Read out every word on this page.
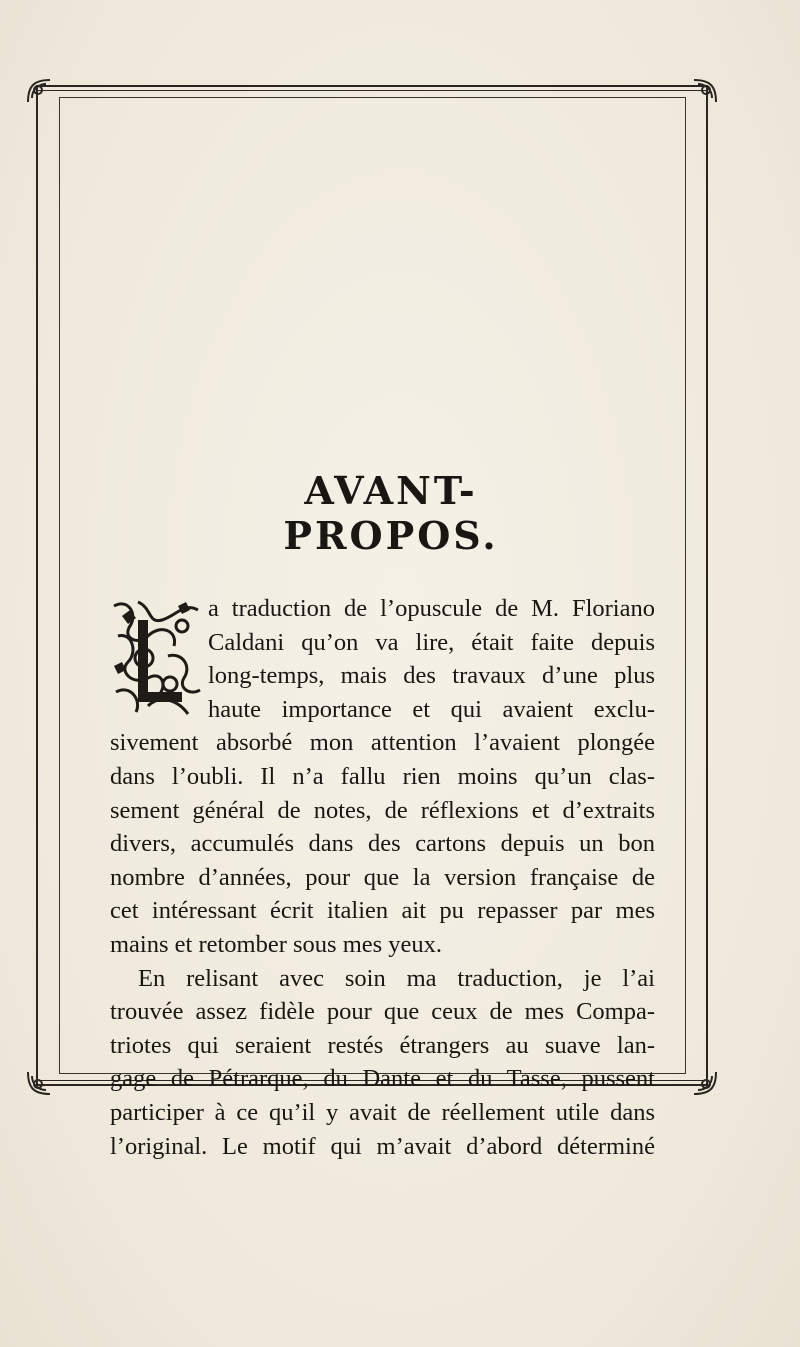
AVANT-PROPOS.
a traduction de l’opuscule de M. Floriano
Caldani qu’on va lire, était faite depuis
long-temps, mais des travaux d’une plus
haute importance et qui avaient exclu-
sivement absorbé mon attention l’avaient plongée
dans l’oubli. Il n’a fallu rien moins qu’un clas-
sement général de notes, de réflexions et d’extraits
divers, accumulés dans des cartons depuis un bon
nombre d’années, pour que la version française de
cet intéressant écrit italien ait pu repasser par mes
mains et retomber sous mes yeux.
En relisant avec soin ma traduction, je l’ai
trouvée assez fidèle pour que ceux de mes Compa-
triotes qui seraient restés étrangers au suave lan-
gage de Pétrarque, du Dante et du Tasse, pussent
participer à ce qu’il y avait de réellement utile dans
l’original. Le motif qui m’avait d’abord déterminé
